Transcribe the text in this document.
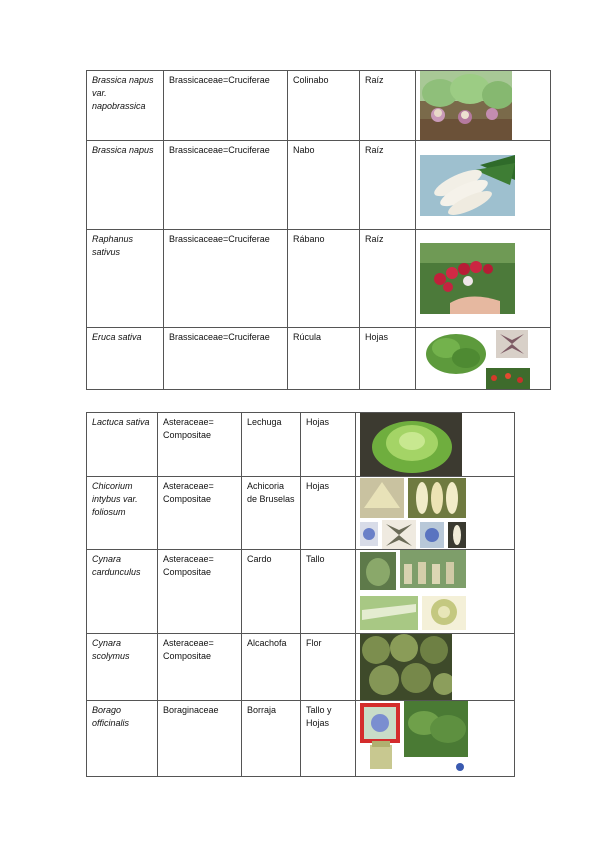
Brassica napus var. napobrassica	Brassicaceae=Cruciferae	Colinabo	Raíz	

Brassica napus	Brassicaceae=Cruciferae	Nabo	Raíz	

Raphanus sativus	Brassicaceae=Cruciferae	Rábano	Raíz	

Eruca sativa	Brassicaceae=Cruciferae	Rúcula	Hojas	
Lactuca sativa	Asteraceae= Compositae	Lechuga	Hojas	

Chicorium intybus var. foliosum	Asteraceae= Compositae	Achicoria de Bruselas	Hojas	

Cynara cardunculus	Asteraceae= Compositae	Cardo	Tallo	

Cynara scolymus	Asteraceae= Compositae	Alcachofa	Flor	

Borago officinalis	Boraginaceae	Borraja	Tallo y Hojas	
